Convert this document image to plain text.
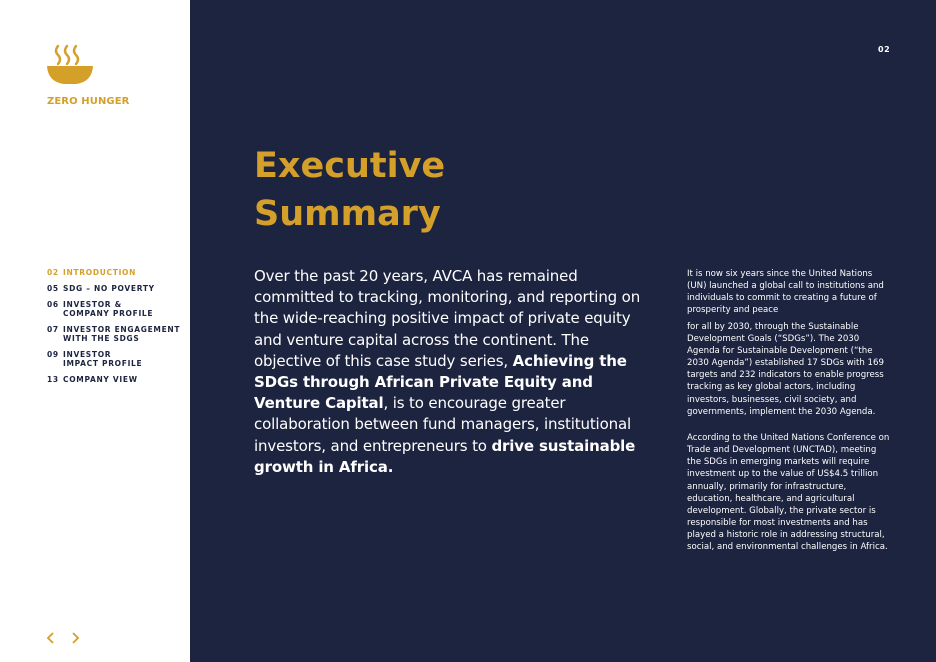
ZERO HUNGER
02 INTRODUCTION
05 SDG – NO POVERTY
06 INVESTOR & COMPANY PROFILE
07 INVESTOR ENGAGEMENT WITH THE SDGS
09 INVESTOR IMPACT PROFILE
13 COMPANY VIEW
02
Executive Summary

Over the past 20 years, AVCA has remained committed to tracking, monitoring, and reporting on the wide-reaching positive impact of private equity and venture capital across the continent. The objective of this case study series, Achieving the SDGs through African Private Equity and Venture Capital, is to encourage greater collaboration between fund managers, institutional investors, and entrepreneurs to drive sustainable growth in Africa.

It is now six years since the United Nations (UN) launched a global call to institutions and individuals to commit to creating a future of prosperity and peace

for all by 2030, through the Sustainable Development Goals (“SDGs”). The 2030 Agenda for Sustainable Development (“the 2030 Agenda”) established 17 SDGs with 169 targets and 232 indicators to enable progress tracking as key global actors, including investors, businesses, civil society, and governments, implement the 2030 Agenda.

According to the United Nations Conference on Trade and Development (UNCTAD), meeting the SDGs in emerging markets will require investment up to the value of US$4.5 trillion annually, primarily for infrastructure, education, healthcare, and agricultural development. Globally, the private sector is responsible for most investments and has played a historic role in addressing structural, social, and environmental challenges in Africa.
